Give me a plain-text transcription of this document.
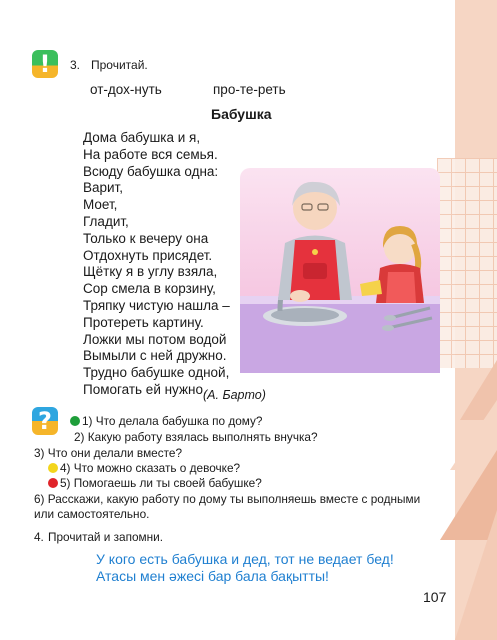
!	3. Прочитай.
от-дох-нуть	про-те-реть
Бабушка
Дома бабушка и я,
На работе вся семья.
Всюду бабушка одна:
Варит,
Моет,
Гладит,
Только к вечеру она
Отдохнуть присядет.
Щётку я в углу взяла,
Сор смела в корзину,
Тряпку чистую нашла –
Протереть картину.
Ложки мы потом водой
Вымыли с ней дружно.
Трудно бабушке одной,
Помогать ей нужно.
(А. Барто)
?	1) Что делала бабушка по дому?
2) Какую работу взялась выполнять внучка?
3) Что они делали вместе?
4) Что можно сказать о девочке?
5) Помогаешь ли ты своей бабушке?
6) Расскажи, какую работу по дому ты выполняешь вместе с родными
или самостоятельно.
4. Прочитай и запомни.
У кого есть бабушка и дед, тот не ведает бед!
Атасы мен әжесі бар бала бақытты!
107
